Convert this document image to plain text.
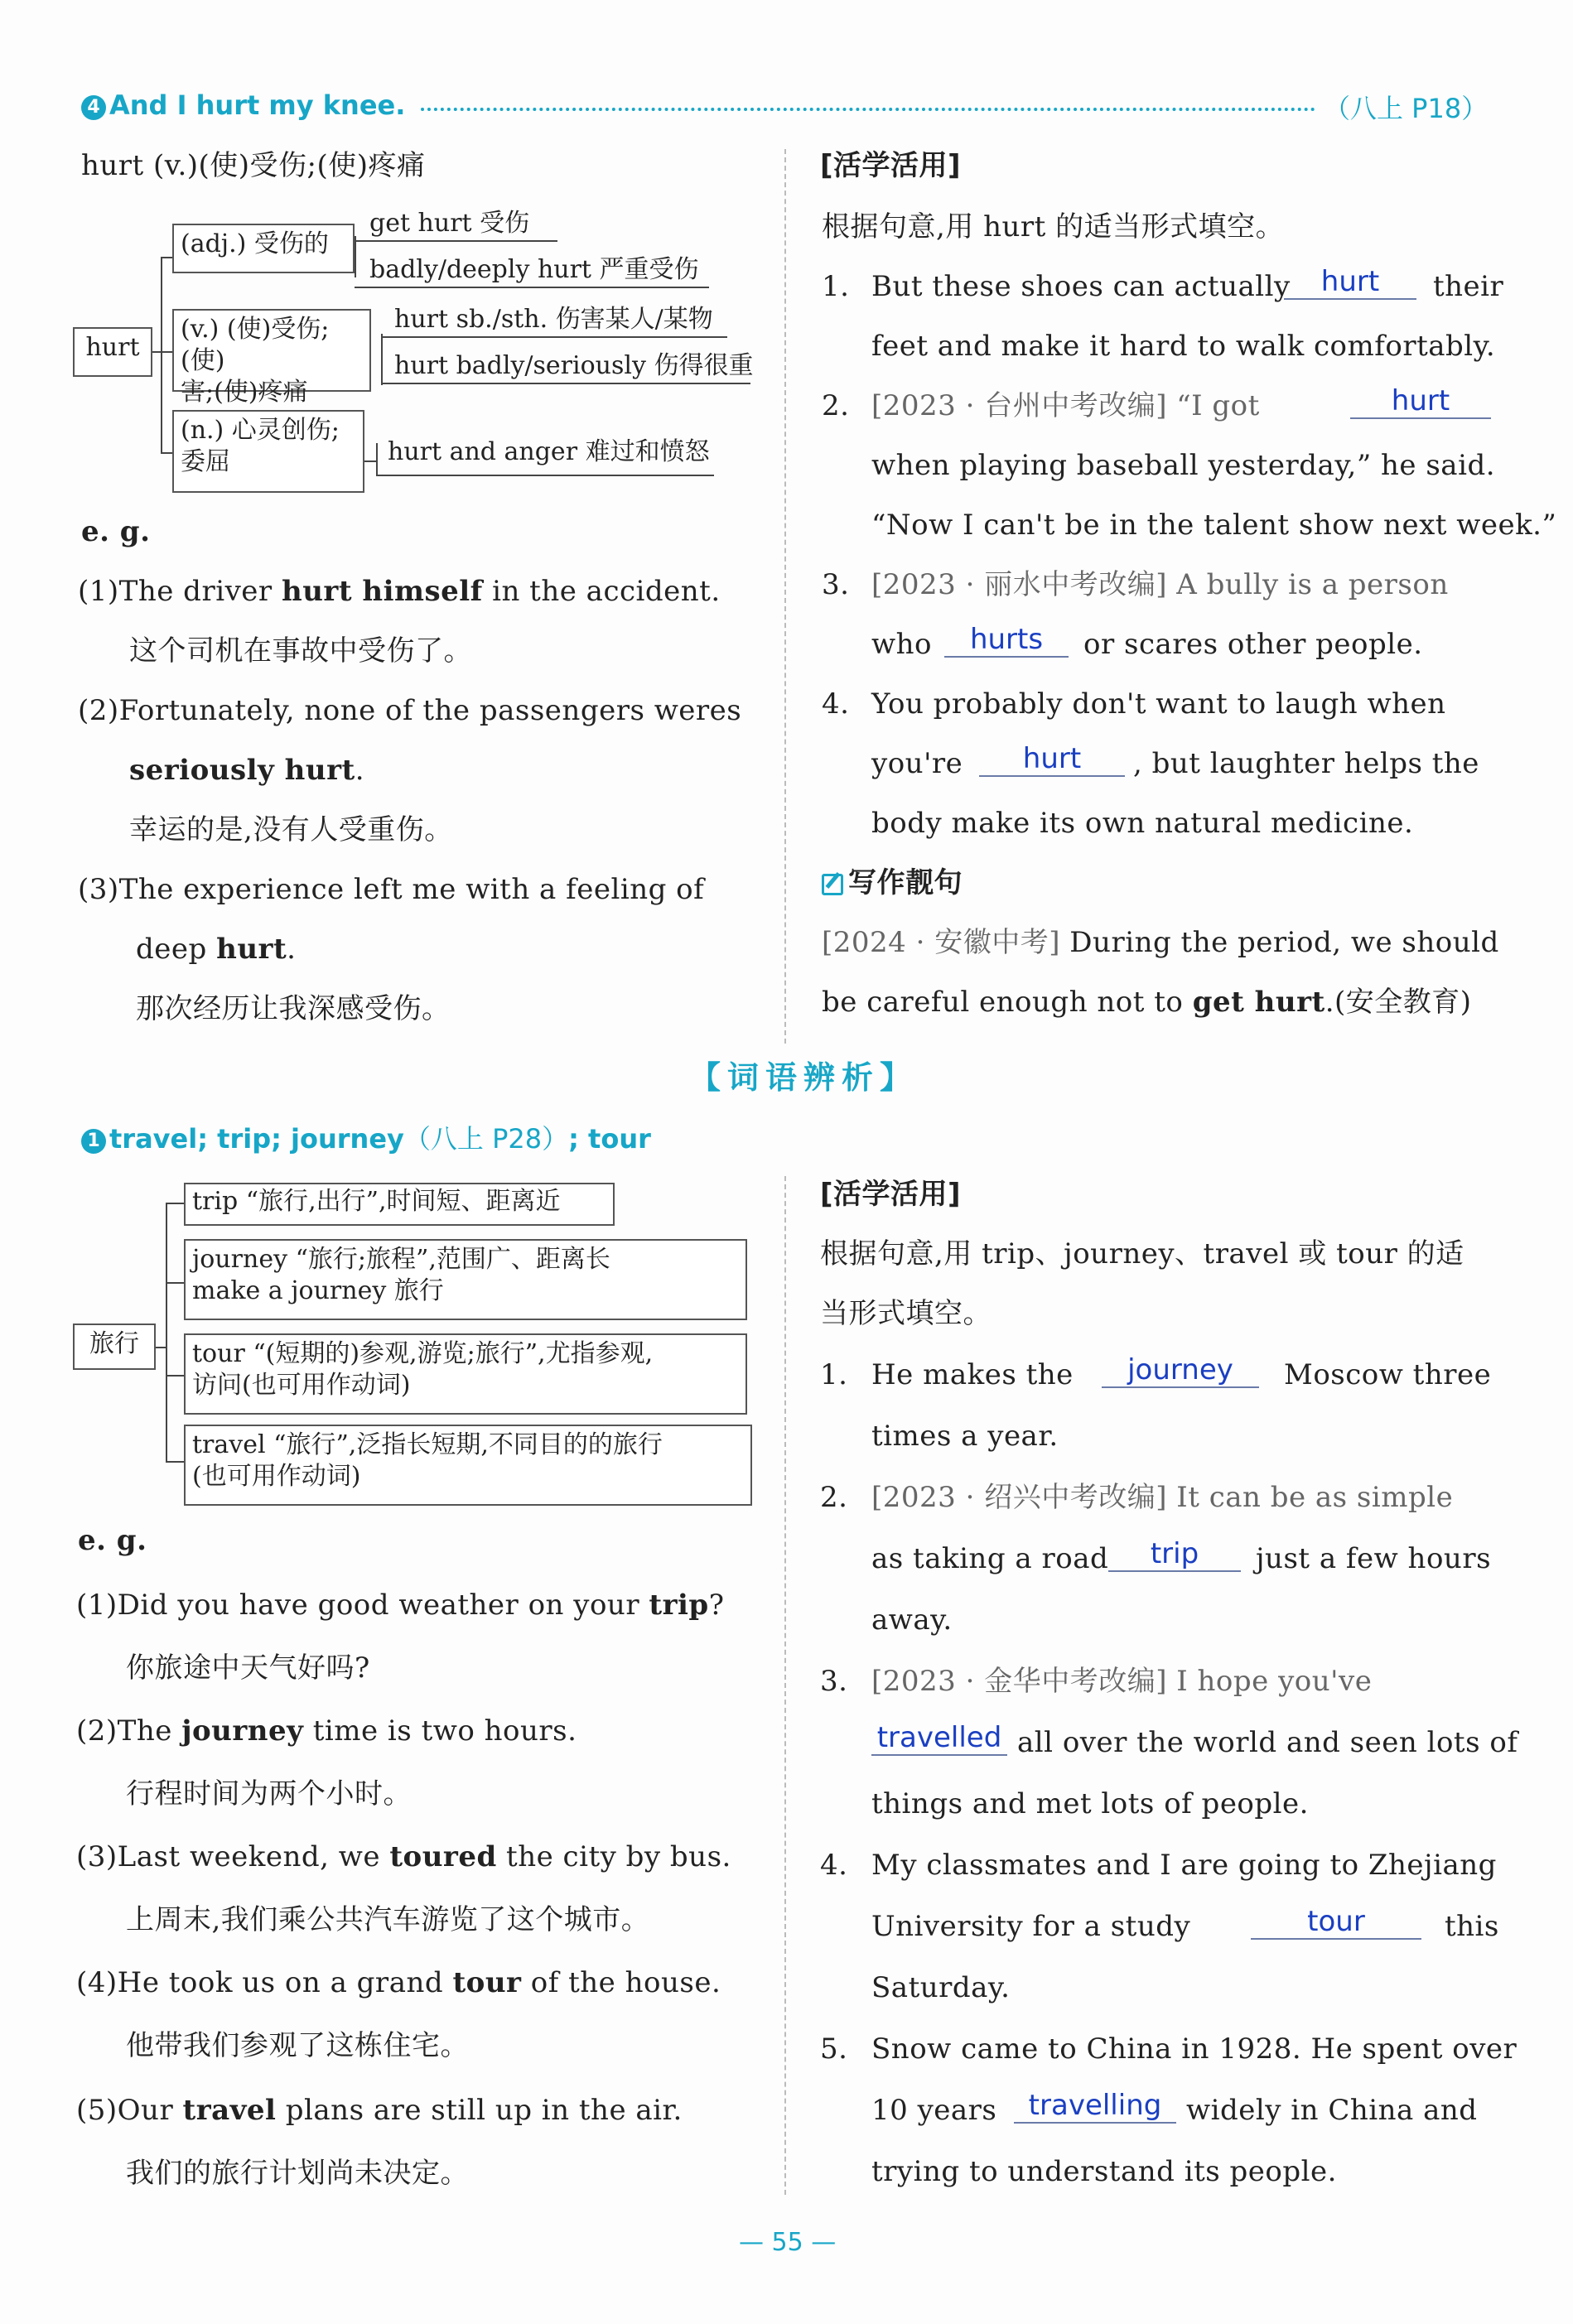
4 And I hurt my knee.	（八上 P18）
hurt (v.)(使)受伤;(使)疼痛
hurt
(adj.) 受伤的
(v.) (使)受伤;(使)
害;(使)疼痛
(n.) 心灵创伤;
委屈
get hurt 受伤
badly/deeply hurt 严重受伤
hurt sb./sth. 伤害某人/某物
hurt badly/seriously 伤得很重
hurt and anger 难过和愤怒
e. g.
(1)The driver hurt himself in the accident.
这个司机在事故中受伤了。
(2)Fortunately, none of the passengers weres
seriously hurt.
幸运的是,没有人受重伤。
(3)The experience left me with a feeling of
deep hurt.
那次经历让我深感受伤。
[活学活用]
根据句意,用 hurt 的适当形式填空。
1. But these shoes can actually	hurt	their
feet and make it hard to walk comfortably.
2. [2023 · 台州中考改编] “I got	hurt
when playing baseball yesterday,” he said.
“Now I can't be in the talent show next week.”
3. [2023 · 丽水中考改编] A bully is a person
who	hurts	or scares other people.
4. You probably don't want to laugh when
you're	hurt	, but laughter helps the
body make its own natural medicine.
写作靓句
[2024 · 安徽中考] During the period, we should
be careful enough not to get hurt.(安全教育)
【词语辨析】
1 travel; trip; journey（八上 P28）; tour
旅行
trip “旅行,出行”,时间短、距离近
journey “旅行;旅程”,范围广、距离长
make a journey 旅行
tour “(短期的)参观,游览;旅行”,尤指参观,
访问(也可用作动词)
travel “旅行”,泛指长短期,不同目的的旅行
(也可用作动词)
e. g.
(1)Did you have good weather on your trip?
你旅途中天气好吗?
(2)The journey time is two hours.
行程时间为两个小时。
(3)Last weekend, we toured the city by bus.
上周末,我们乘公共汽车游览了这个城市。
(4)He took us on a grand tour of the house.
他带我们参观了这栋住宅。
(5)Our travel plans are still up in the air.
我们的旅行计划尚未决定。
[活学活用]
根据句意,用 trip、journey、travel 或 tour 的适
当形式填空。
1. He makes the	journey	Moscow three
times a year.
2. [2023 · 绍兴中考改编] It can be as simple
as taking a road	trip	just a few hours
away.
3. [2023 · 金华中考改编] I hope you've
travelled all over the world and seen lots of
things and met lots of people.
4. My classmates and I are going to Zhejiang
University for a study	tour	this
Saturday.
5. Snow came to China in 1928. He spent over
10 years	travelling widely in China and
trying to understand its people.
— 55 —
